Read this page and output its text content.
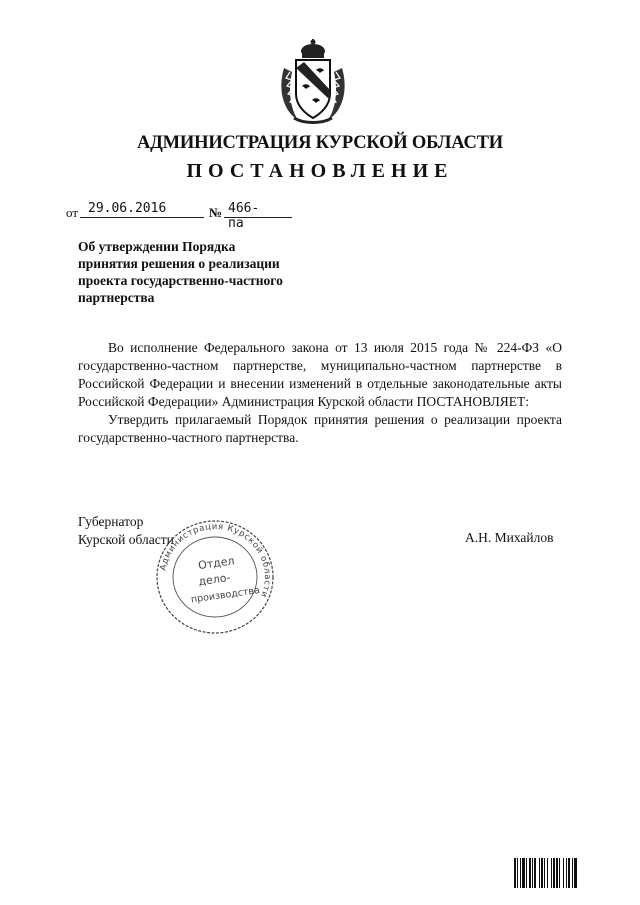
АДМИНИСТРАЦИЯ КУРСКОЙ ОБЛАСТИ
ПОСТАНОВЛЕНИЕ
от 29.06.2016	№ 466-па
Об утверждении Порядка
принятия решения о реализации
проекта государственно-частного
партнерства

Во исполнение Федерального закона от 13 июля 2015 года № 224-ФЗ «О государственно-частном партнерстве, муниципально-частном партнерстве в Российской Федерации и внесении изменений в отдельные законодательные акты Российской Федерации» Администрация Курской области ПОСТАНОВЛЯЕТ:

Утвердить прилагаемый Порядок принятия решения о реализации проекта государственно-частного партнерства.

Губернатор
Курской области	А.Н. Михайлов
Администрация Курской области
Отдел
дело-
производства
